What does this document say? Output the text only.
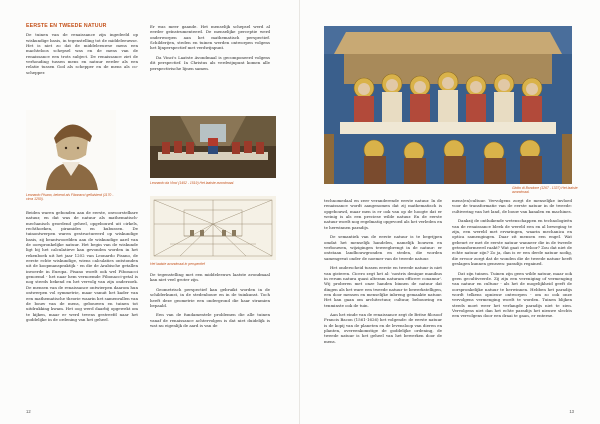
EERSTE EN TWEEDE NATUUR

De tuinen van de renaissance zijn ingedeeld op wiskundige basis, in tegenstelling tot de middeleeuwse. Het is niet zo dat de middeleeuwse mens een machteloos schepsel was en de mens van de renaissance een trots subject. De renaissance ziet de verhouding tussen mens en natuur eerder als een relatie tussen God als schepper en de mens als co-schepper.

Er was meer gaande. Het menselijk schepsel werd al eerder geïnstrumenteerd. De menselijke perceptie werd onderworpen aan het mathematisch perspectief. Schilderijen, steden en tuinen werden ontworpen volgens het lijnperspectief met verdwijnpunt.

Da Vinci's Laatste Avondmaal is gecomponeerd volgens dit perspectief. In Christus als verdwijnpunt komen alle perspectivische lijnen samen.

Leonardo Pisano, bekend als Fibonacci gefluisterd (1170 - circa 1250).
Leonardo da Vinci (1452 - 1519) Het laatste avondmaal.

Beiden waren gebonden aan de eerste, onvoorstelbare natuur, en dat was de natuur als mathematisch-mechanisch geordend geheel, opgebouwd uit cirkels, rechthoeken, piramides en kubussen. De tuinontwerpen waren gestructureerd op wiskundige basis, zij beantwoordden aan de wiskundige aard van de oorspronkelijke natuur. Het begin van de wiskunde ligt bij het calculatieve kan gevonden worden in het rekenboek uit het jaar 1202 van Leonardo Pisano, de eerste echte wiskundige, wiens calculaties ontstonden uit de koopmanspraktijk - en die de Arabische getallen invoerde in Europa. Pisano wordt ook wel Fibonacci genoemd - het naar hem vernoemde Fibonacci-getal is nog steeds bekend en het vervolg van zijn onderzoek. De mensen van de renaissance ontwierpen daarom hun ontwerpen vol symmetrie, maar vanuit het kader van een mathematische theorie waarin het samenvallen van de bouw van de mens, gebouwen en tuinen tot uitdrukking kwam. Het oog werd daarbij opgewekt om te kijken, maar er werd tevens gestreefd naar het goddelijke in de ordening van het geheel.

Het laatste avondmaal in perspectief

De tegenstelling met een middeleeuws laatste avondmaal kan niet veel groter zijn.

Geometrisch perspectief kan gebruikt worden in de schilderkunst, in de stedenbouw en in de tuinkunst. Toch heeft deze geometrie een ondergrond die haar stramien bepaald.

Een van de fundamentele problemen die alle tuinen vanaf de renaissance achtervolgen is dat niet duidelijk is wat nu eigenlijk de aard is van de

12
Giotto di Bondone (1267 - 1337) Het laatste avondmaal.

technomedaal en zeer veranderende eerste natuur. In de renaissance wordt aangenomen dat zij mathematisch is opgebouwd, maar men is er ook van op de hoogte dat er weinig is als een preciese wilde natuur. En de eerste natuur wordt nog regelmatig opgevoed als het verleden en te herwinnen paradijs.

De semantiek van de eerste natuur is te begrijpen omdat het menselijk handelen, namelijk bouwen en verbouwen, wijzigingen teweegbrengt in de natuur: er ontstaan landbouwgronden en steden, die worden samengevat onder de noemer van de tweede natuur.

Het onderscheid tussen eerste en tweede natuur is niet van gisteren. Cicero zegt het al: 'nostris denique manibus in rerum natura quasi alteram naturam efficere conamur'. Wij proberen met onze handen binnen de natuur dat dingen als het ware een tweede natuur te bewerkstelligen, een door mensen en menselijke inbreng gemaakte natuur. Het kan gaan om architectuur, cultuur, bebouwing en tenminste ook de tuin.

Aan het einde van de renaissance zegt de Britse filosoof Francis Bacon (1561-1626) het volgende: de eerste natuur is de kopij van de planeten en de levensloop van dieren en planten, overeenkomstige de goddelijke ordening, de tweede natuur is het geheel van het bewerken door de mens.

mens(en)cultuur. Vervolgens zorgt de menselijke invloed voor de transformatie van de eerste natuur in de tweede: cultivering van het land, de bouw van kanalen en machines.

Dankzij de ontluikende wetenschappen en technologieën van de renaissance bleek de wereld een en al beweging te zijn, een wereld met ervaringen, waarin mechanica en optica samengingen. Daar zit mensen een engel. Wat gebeurt er met de eerste natuur wanneer die in de tweede getransformeerd raakt? Wat gaat er teloor? Zou dat niet de echte natuur zijn? Zo ja, dan is er een derde natuur nodig, die ervoor zorgt dat de wonden die de tweede natuur heeft geslagen kunnen genezen: paradijs regained.

Dat zijn tuinen. Tuinen zijn geen wilde natuur, maar ook geen gecultiveerde. Zij zijn een vereniging of vermenging van natuur en cultuur - als het de mogelijkheid geeft de oorspronkelijke natuur te herwinnen. Hebben het paradijs wordt telkens opnieuw ontworpen - om zo ook onze vervolgens vermenging wordt te worden. Tuinen blijken steeds moet weer het verlangde paradijs niet te zien. Vervolgens niet dan het echte paradijs het nieuwe slechts een vervolgens door een draai te gaan, er enterne.

13
